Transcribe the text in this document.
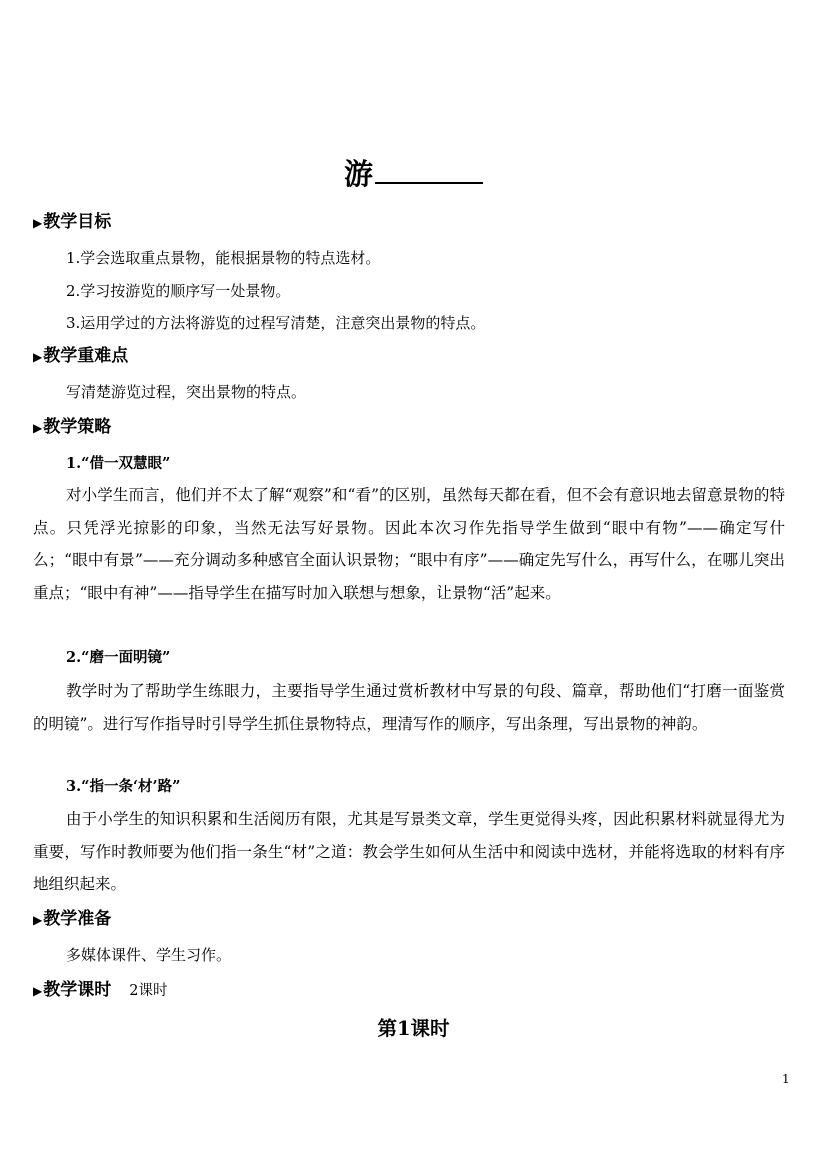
游
▶教学目标
1.学会选取重点景物，能根据景物的特点选材。
2.学习按游览的顺序写一处景物。
3.运用学过的方法将游览的过程写清楚，注意突出景物的特点。
▶教学重难点
写清楚游览过程，突出景物的特点。
▶教学策略
1.“借一双慧眼”

对小学生而言，他们并不太了解“观察”和“看”的区别，虽然每天都在看，但不会有意识地去留意景物的特点。只凭浮光掠影的印象，当然无法写好景物。因此本次习作先指导学生做到“眼中有物”——确定写什么；“眼中有景”——充分调动多种感官全面认识景物；“眼中有序”——确定先写什么，再写什么，在哪儿突出重点；“眼中有神”——指导学生在描写时加入联想与想象，让景物“活”起来。

2.“磨一面明镜”

教学时为了帮助学生练眼力，主要指导学生通过赏析教材中写景的句段、篇章，帮助他们“打磨一面鉴赏的明镜”。进行写作指导时引导学生抓住景物特点，理清写作的顺序，写出条理，写出景物的神韵。

3.“指一条‘材’路”

由于小学生的知识积累和生活阅历有限，尤其是写景类文章，学生更觉得头疼，因此积累材料就显得尤为重要，写作时教师要为他们指一条生“材”之道：教会学生如何从生活中和阅读中选材，并能将选取的材料有序地组织起来。

▶教学准备
多媒体课件、学生习作。
▶教学课时 2课时
第1课时
1
